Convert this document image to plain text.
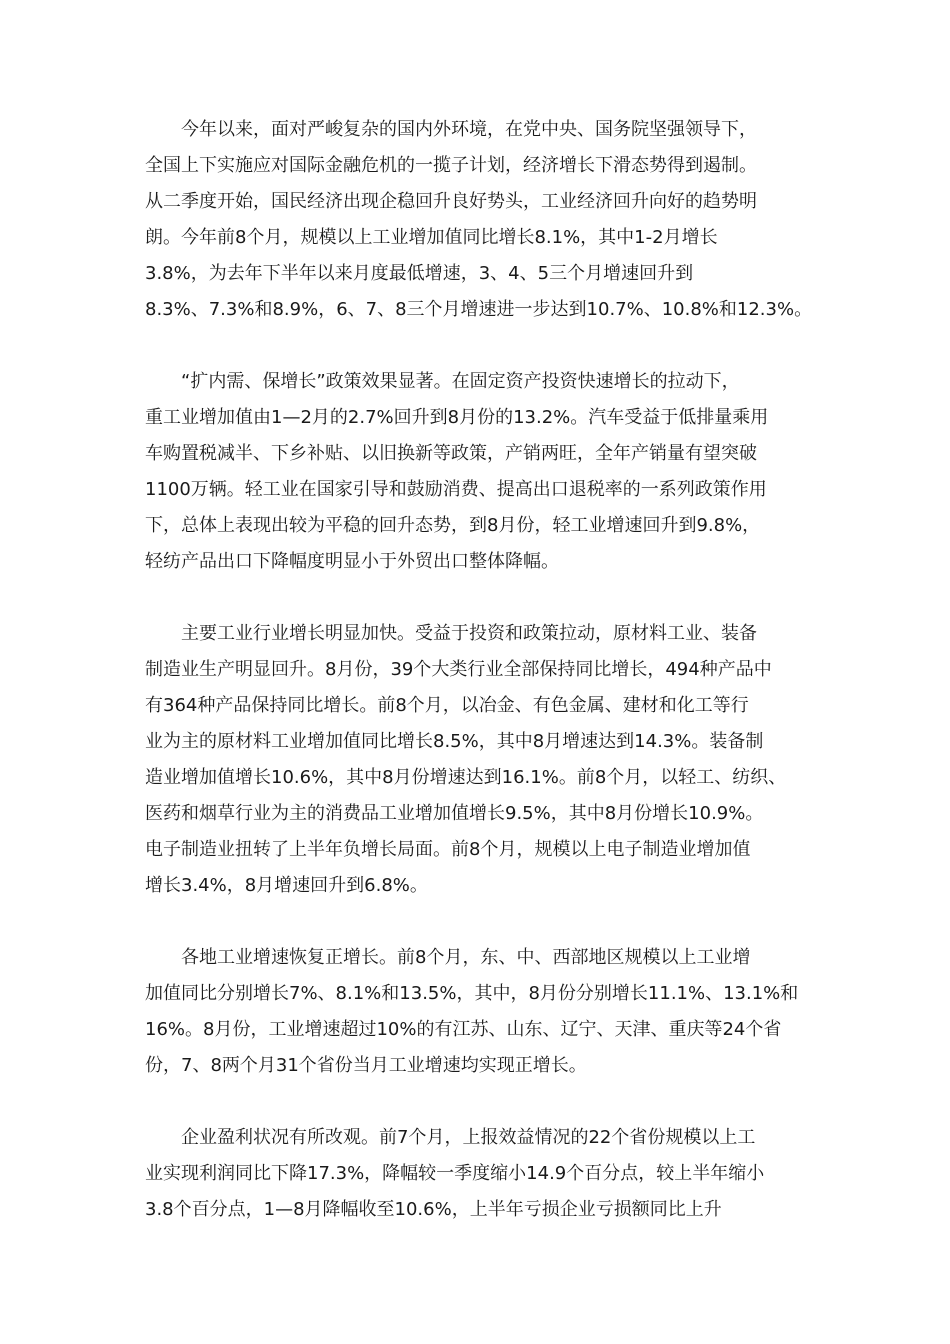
今年以来，面对严峻复杂的国内外环境，在党中央、国务院坚强领导下，
全国上下实施应对国际金融危机的一揽子计划，经济增长下滑态势得到遏制。
从二季度开始，国民经济出现企稳回升良好势头，工业经济回升向好的趋势明
朗。今年前8个月，规模以上工业增加值同比增长8.1%，其中1-2月增长
3.8%，为去年下半年以来月度最低增速，3、4、5三个月增速回升到
8.3%、7.3%和8.9%，6、7、8三个月增速进一步达到10.7%、10.8%和12.3%。
“扩内需、保增长”政策效果显著。在固定资产投资快速增长的拉动下，
重工业增加值由1—2月的2.7%回升到8月份的13.2%。汽车受益于低排量乘用
车购置税减半、下乡补贴、以旧换新等政策，产销两旺，全年产销量有望突破
1100万辆。轻工业在国家引导和鼓励消费、提高出口退税率的一系列政策作用
下，总体上表现出较为平稳的回升态势，到8月份，轻工业增速回升到9.8%，
轻纺产品出口下降幅度明显小于外贸出口整体降幅。
主要工业行业增长明显加快。受益于投资和政策拉动，原材料工业、装备
制造业生产明显回升。8月份，39个大类行业全部保持同比增长，494种产品中
有364种产品保持同比增长。前8个月，以冶金、有色金属、建材和化工等行
业为主的原材料工业增加值同比增长8.5%，其中8月增速达到14.3%。装备制
造业增加值增长10.6%，其中8月份增速达到16.1%。前8个月，以轻工、纺织、
医药和烟草行业为主的消费品工业增加值增长9.5%，其中8月份增长10.9%。
电子制造业扭转了上半年负增长局面。前8个月，规模以上电子制造业增加值
增长3.4%，8月增速回升到6.8%。
各地工业增速恢复正增长。前8个月，东、中、西部地区规模以上工业增
加值同比分别增长7%、8.1%和13.5%，其中，8月份分别增长11.1%、13.1%和
16%。8月份，工业增速超过10%的有江苏、山东、辽宁、天津、重庆等24个省
份，7、8两个月31个省份当月工业增速均实现正增长。
企业盈利状况有所改观。前7个月，上报效益情况的22个省份规模以上工
业实现利润同比下降17.3%，降幅较一季度缩小14.9个百分点，较上半年缩小
3.8个百分点，1—8月降幅收至10.6%，上半年亏损企业亏损额同比上升
